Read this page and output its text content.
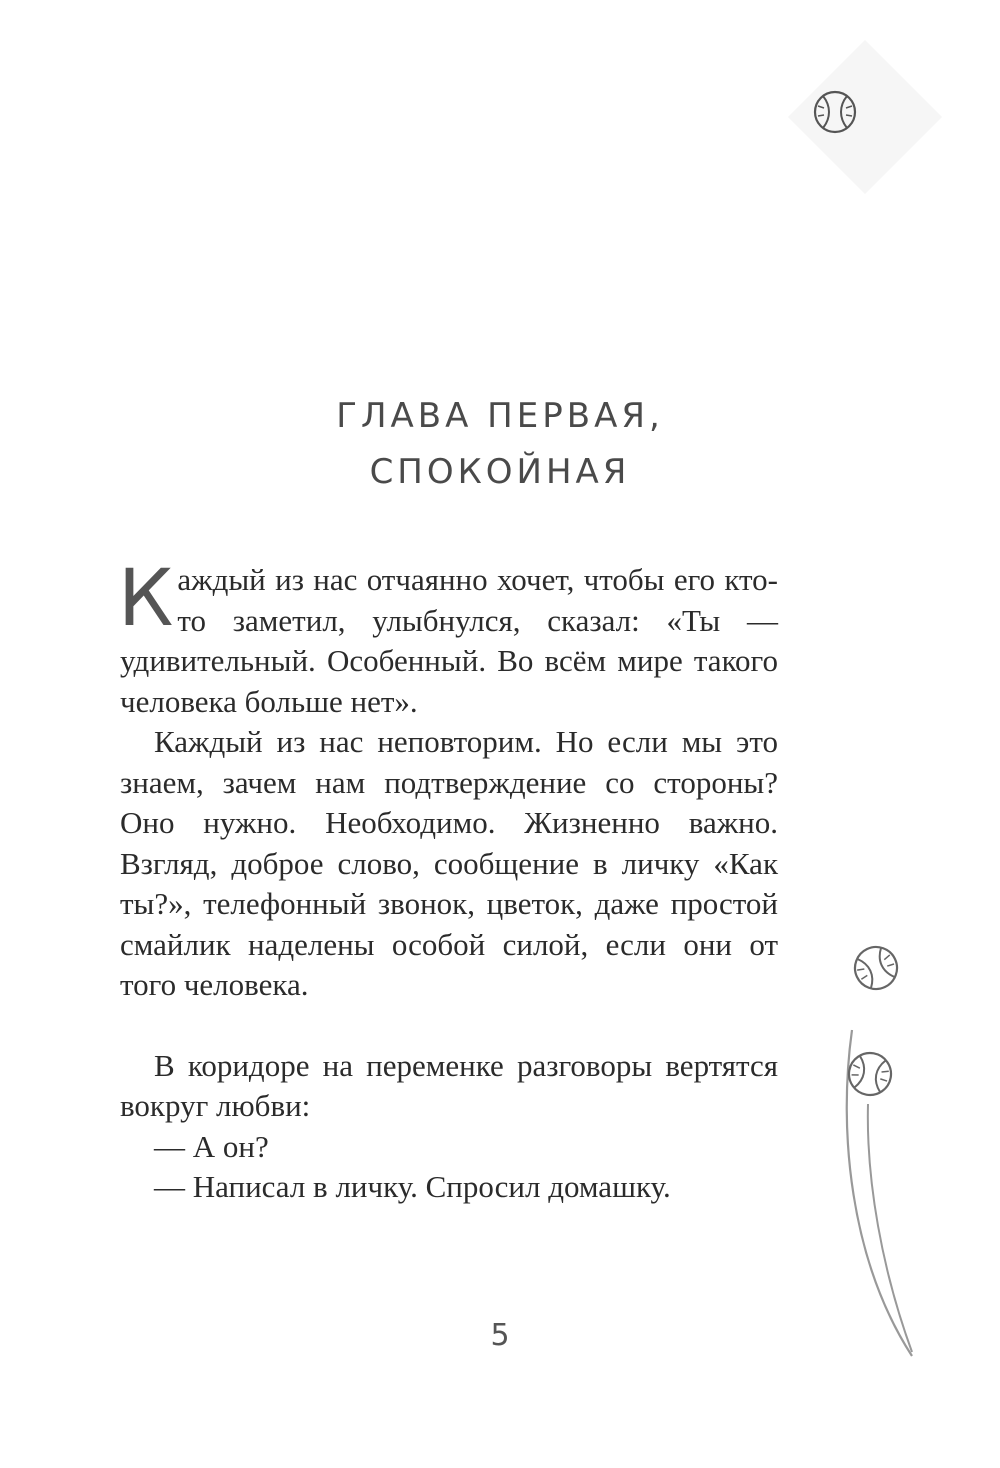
ГЛАВА ПЕРВАЯ,
СПОКОЙНАЯ

Каждый из нас отчаянно хочет, чтобы его кто-то заметил, улыбнулся, сказал: «Ты — удивительный. Особенный. Во всём мире такого человека больше нет».

Каждый из нас неповторим. Но если мы это знаем, зачем нам подтверждение со стороны? Оно нужно. Необходимо. Жизненно важно. Взгляд, доброе слово, сообщение в личку «Как ты?», телефонный звонок, цветок, даже простой смайлик наделены особой силой, если они от того человека.

В коридоре на переменке разговоры вертятся вокруг любви:

— А он?

— Написал в личку. Спросил домашку.

5
